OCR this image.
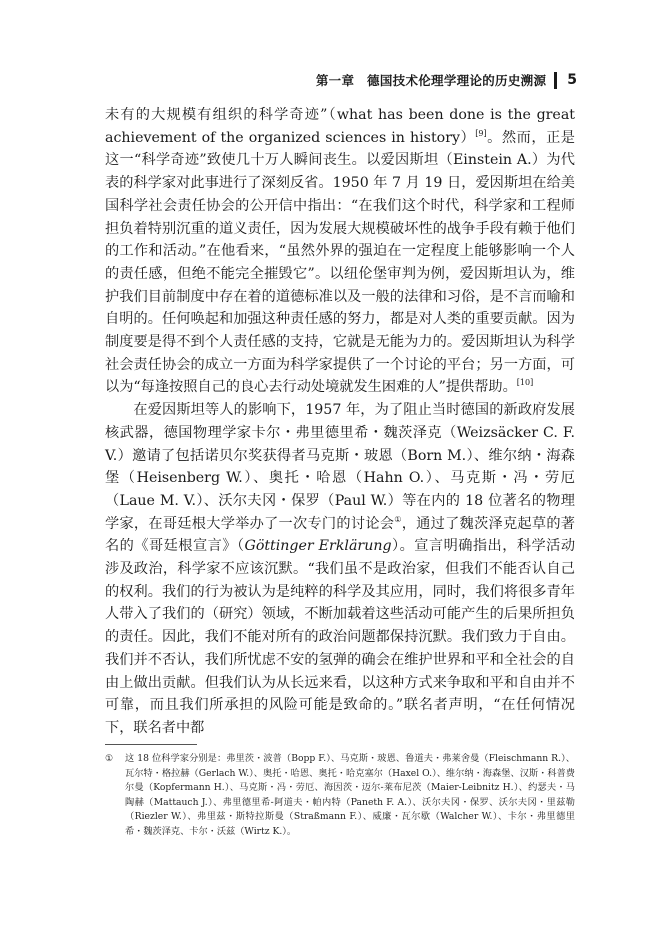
第一章　德国技术伦理学理论的历史溯源 5

未有的大规模有组织的科学奇迹”（what has been done is the great achievement of the organized sciences in history）[9]。然而，正是这一“科学奇迹”致使几十万人瞬间丧生。以爱因斯坦（Einstein A.）为代表的科学家对此事进行了深刻反省。1950 年 7 月 19 日，爱因斯坦在给美国科学社会责任协会的公开信中指出：“在我们这个时代，科学家和工程师担负着特别沉重的道义责任，因为发展大规模破坏性的战争手段有赖于他们的工作和活动。”在他看来，“虽然外界的强迫在一定程度上能够影响一个人的责任感，但绝不能完全摧毁它”。以纽伦堡审判为例，爱因斯坦认为，维护我们目前制度中存在着的道德标准以及一般的法律和习俗，是不言而喻和自明的。任何唤起和加强这种责任感的努力，都是对人类的重要贡献。因为制度要是得不到个人责任感的支持，它就是无能为力的。爱因斯坦认为科学社会责任协会的成立一方面为科学家提供了一个讨论的平台；另一方面，可以为“每逢按照自己的良心去行动处境就发生困难的人”提供帮助。[10]

在爱因斯坦等人的影响下，1957 年，为了阻止当时德国的新政府发展核武器，德国物理学家卡尔・弗里德里希・魏茨泽克（Weizsäcker C. F. V.）邀请了包括诺贝尔奖获得者马克斯・玻恩（Born M.）、维尔纳・海森堡（Heisenberg W.）、奥托・哈恩（Hahn O.）、马克斯・冯・劳厄（Laue M. V.）、沃尔夫冈・保罗（Paul W.）等在内的 18 位著名的物理学家，在哥廷根大学举办了一次专门的讨论会①，通过了魏茨泽克起草的著名的《哥廷根宣言》（Göttinger Erklärung）。宣言明确指出，科学活动涉及政治，科学家不应该沉默。“我们虽不是政治家，但我们不能否认自己的权利。我们的行为被认为是纯粹的科学及其应用，同时，我们将很多青年人带入了我们的（研究）领域，不断加载着这些活动可能产生的后果所担负的责任。因此，我们不能对所有的政治问题都保持沉默。我们致力于自由。我们并不否认，我们所忧虑不安的氢弹的确会在维护世界和平和全社会的自由上做出贡献。但我们认为从长远来看，以这种方式来争取和平和自由并不可靠，而且我们所承担的风险可能是致命的。”联名者声明，“在任何情况下，联名者中都

①	这 18 位科学家分别是：弗里茨・波普（Bopp F.）、马克斯・玻恩、鲁道夫・弗莱舍曼（Fleischmann R.）、瓦尔特・格拉赫（Gerlach W.）、奥托・哈恩、奥托・哈克塞尔（Haxel O.）、维尔纳・海森堡、汉斯・科普费尔曼（Kopfermann H.）、马克斯・冯・劳厄、海因茨・迈尔-莱布尼茨（Maier-Leibnitz H.）、约瑟夫・马陶赫（Mattauch J.）、弗里德里希-阿道夫・帕内特（Paneth F. A.）、沃尔夫冈・保罗、沃尔夫冈・里兹勒（Riezler W.）、弗里兹・斯特拉斯曼（Straßmann F.）、威廉・瓦尔歇（Walcher W.）、卡尔・弗里德里希・魏茨泽克、卡尔・沃兹（Wirtz K.）。
